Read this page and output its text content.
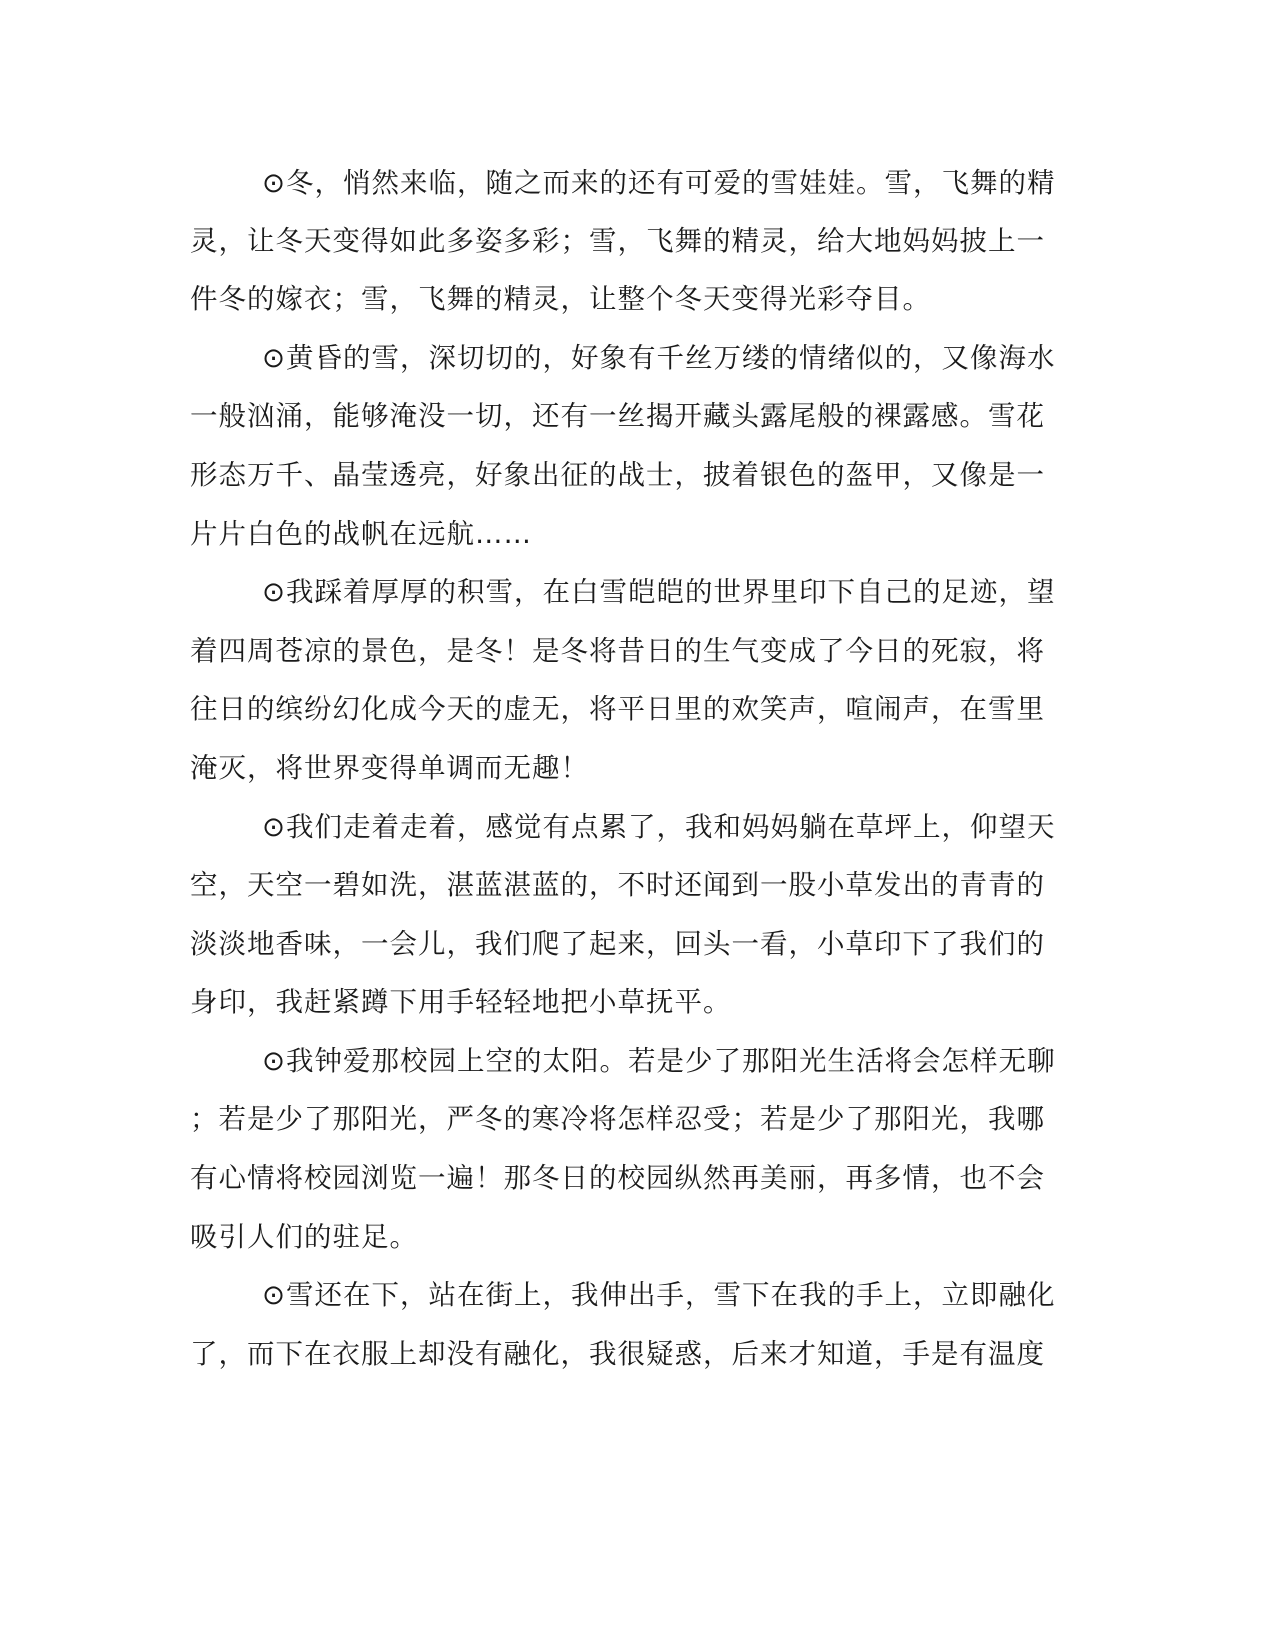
⊙冬，悄然来临，随之而来的还有可爱的雪娃娃。雪，飞舞的精
灵，让冬天变得如此多姿多彩；雪，飞舞的精灵，给大地妈妈披上一
件冬的嫁衣；雪，飞舞的精灵，让整个冬天变得光彩夺目。
⊙黄昏的雪，深切切的，好象有千丝万缕的情绪似的，又像海水
一般汹涌，能够淹没一切，还有一丝揭开藏头露尾般的裸露感。雪花
形态万千、晶莹透亮，好象出征的战士，披着银色的盔甲，又像是一
片片白色的战帆在远航……
⊙我踩着厚厚的积雪，在白雪皑皑的世界里印下自己的足迹，望
着四周苍凉的景色，是冬！是冬将昔日的生气变成了今日的死寂，将
往日的缤纷幻化成今天的虚无，将平日里的欢笑声，喧闹声，在雪里
淹灭，将世界变得单调而无趣！
⊙我们走着走着，感觉有点累了，我和妈妈躺在草坪上，仰望天
空，天空一碧如洗，湛蓝湛蓝的，不时还闻到一股小草发出的青青的
淡淡地香味，一会儿，我们爬了起来，回头一看，小草印下了我们的
身印，我赶紧蹲下用手轻轻地把小草抚平。
⊙我钟爱那校园上空的太阳。若是少了那阳光生活将会怎样无聊
；若是少了那阳光，严冬的寒冷将怎样忍受；若是少了那阳光，我哪
有心情将校园浏览一遍！那冬日的校园纵然再美丽，再多情，也不会
吸引人们的驻足。
⊙雪还在下，站在街上，我伸出手，雪下在我的手上，立即融化
了，而下在衣服上却没有融化，我很疑惑，后来才知道，手是有温度
